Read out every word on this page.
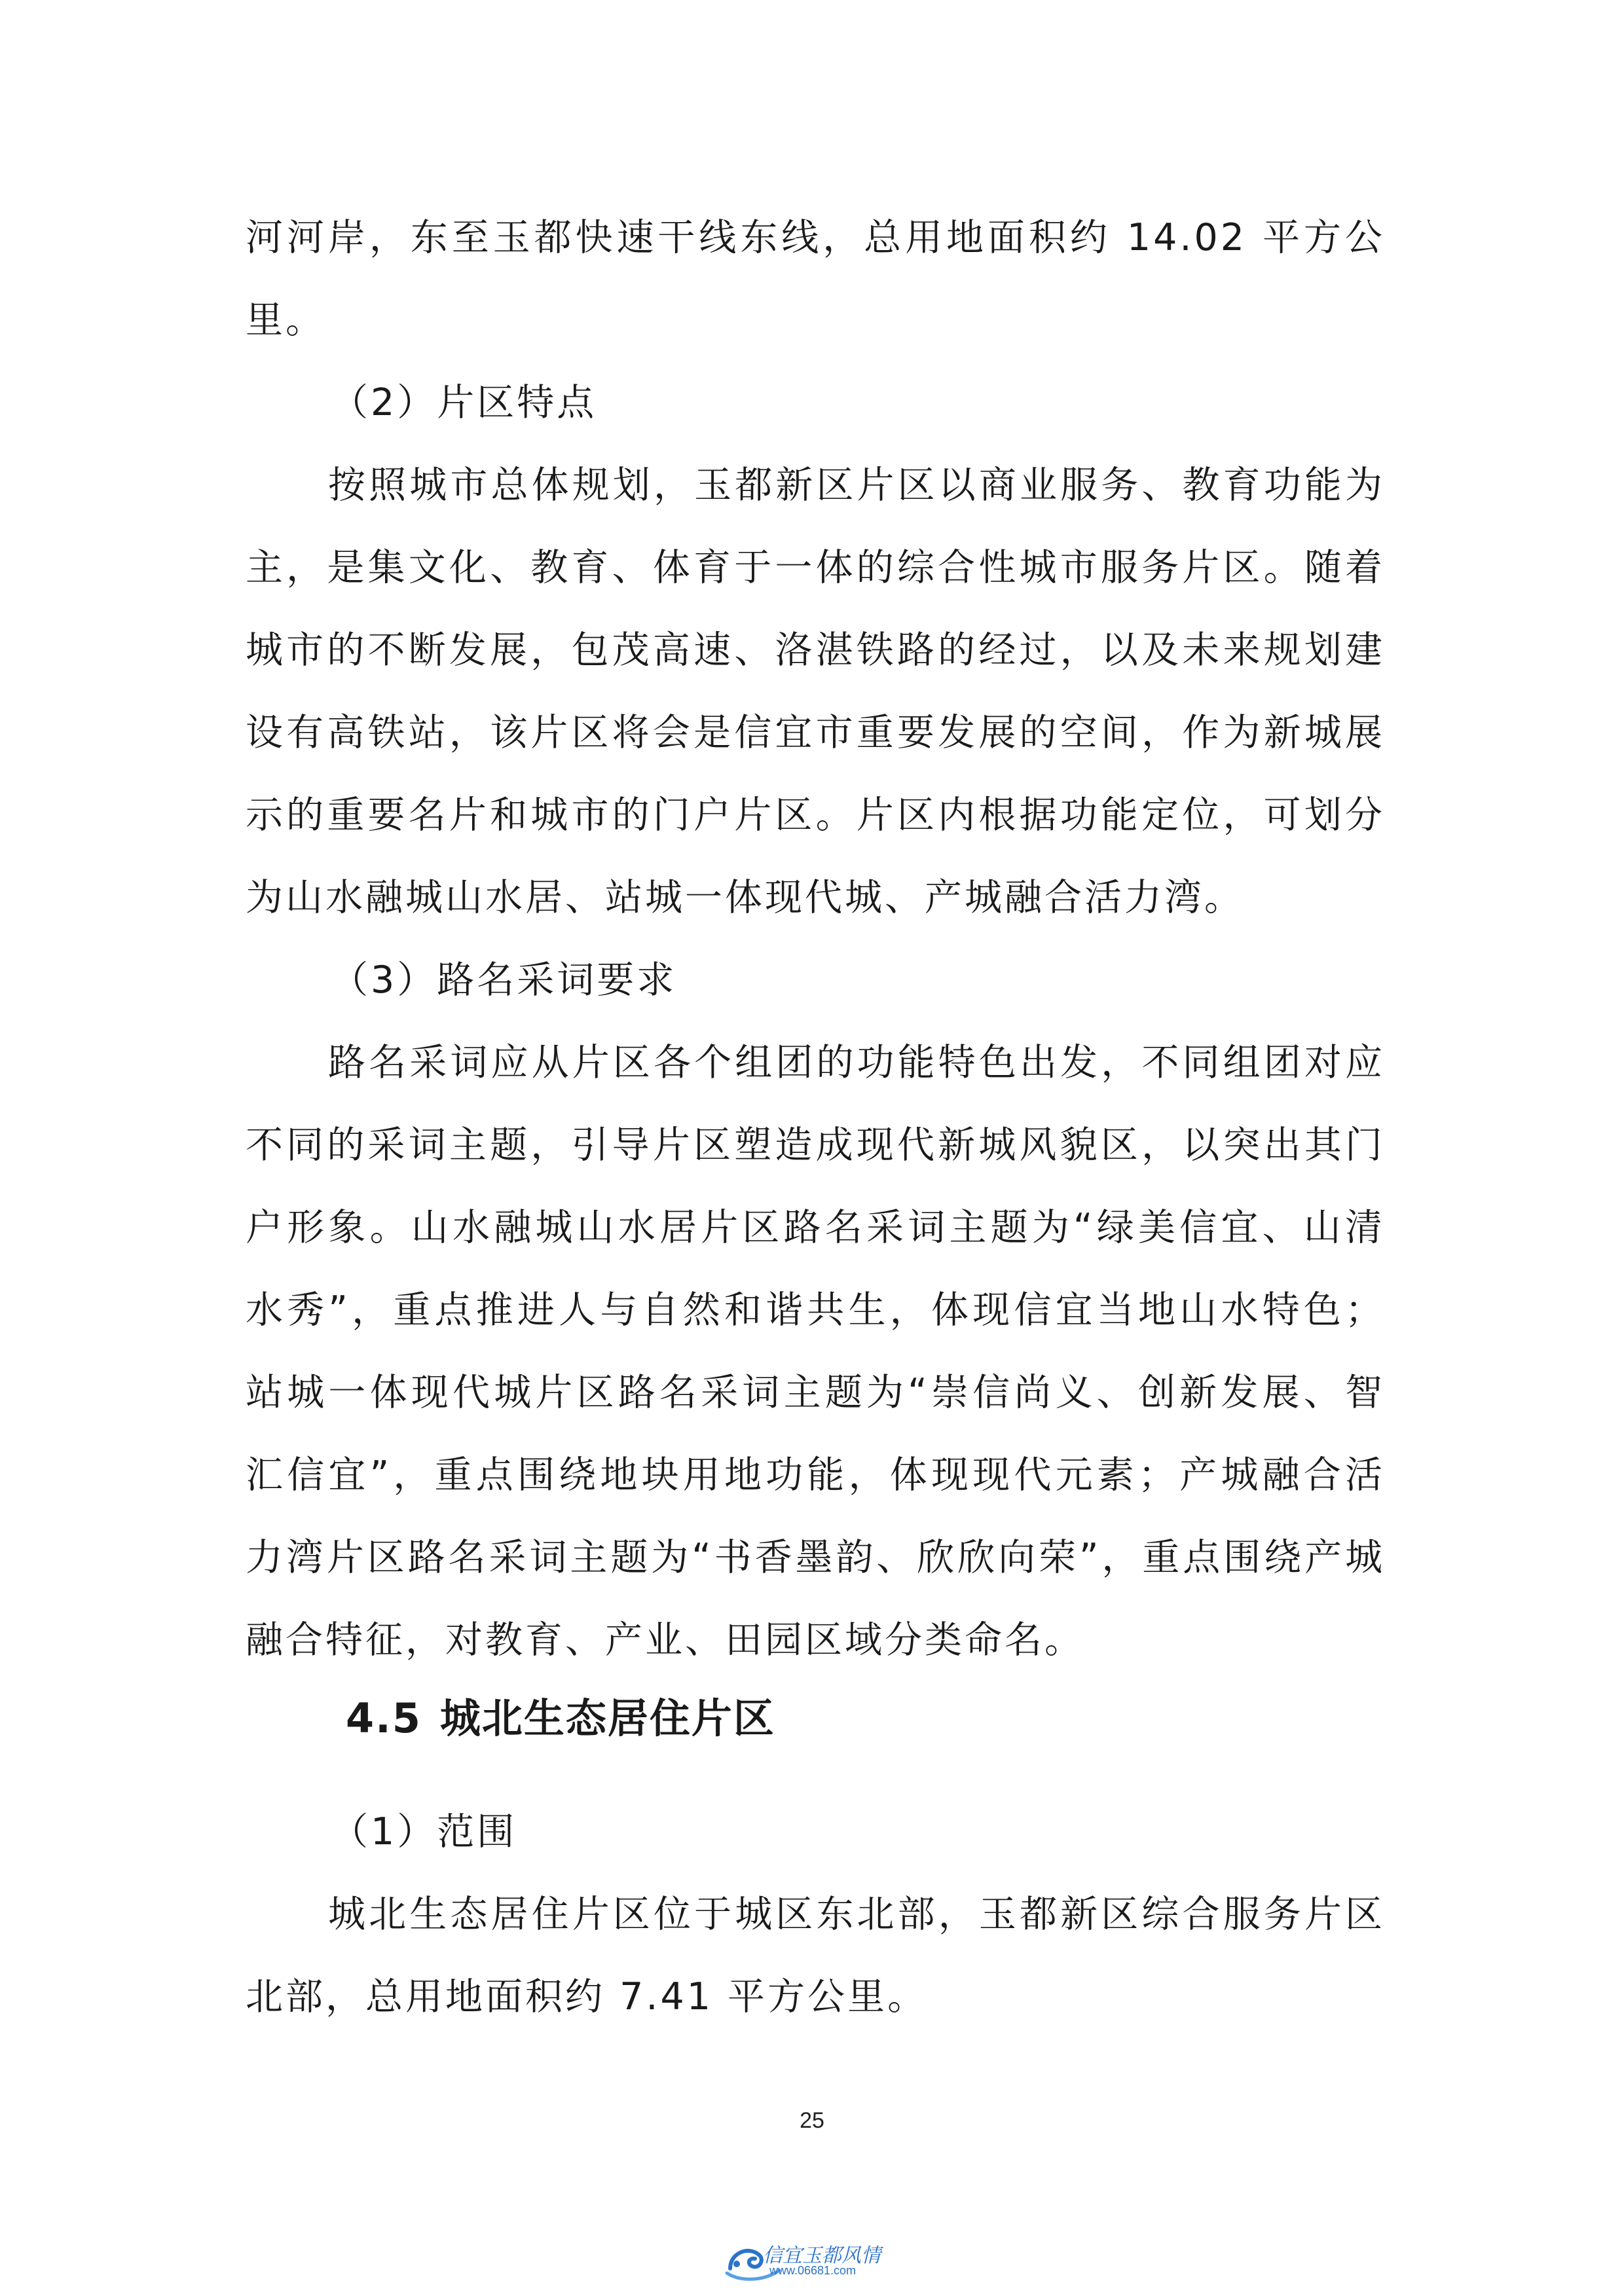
河河岸，东至玉都快速干线东线，总用地面积约 14.02 平方公里。

（2）片区特点

按照城市总体规划，玉都新区片区以商业服务、教育功能为主，是集文化、教育、体育于一体的综合性城市服务片区。随着城市的不断发展，包茂高速、洛湛铁路的经过，以及未来规划建设有高铁站，该片区将会是信宜市重要发展的空间，作为新城展示的重要名片和城市的门户片区。片区内根据功能定位，可划分为山水融城山水居、站城一体现代城、产城融合活力湾。

（3）路名采词要求

路名采词应从片区各个组团的功能特色出发，不同组团对应不同的采词主题，引导片区塑造成现代新城风貌区，以突出其门户形象。山水融城山水居片区路名采词主题为“绿美信宜、山清水秀”，重点推进人与自然和谐共生，体现信宜当地山水特色；站城一体现代城片区路名采词主题为“崇信尚义、创新发展、智汇信宜”，重点围绕地块用地功能，体现现代元素；产城融合活力湾片区路名采词主题为“书香墨韵、欣欣向荣”，重点围绕产城融合特征，对教育、产业、田园区域分类命名。

4.5 城北生态居住片区

（1）范围

城北生态居住片区位于城区东北部，玉都新区综合服务片区北部，总用地面积约 7.41 平方公里。

25
信宜玉都风情
www.06681.com
